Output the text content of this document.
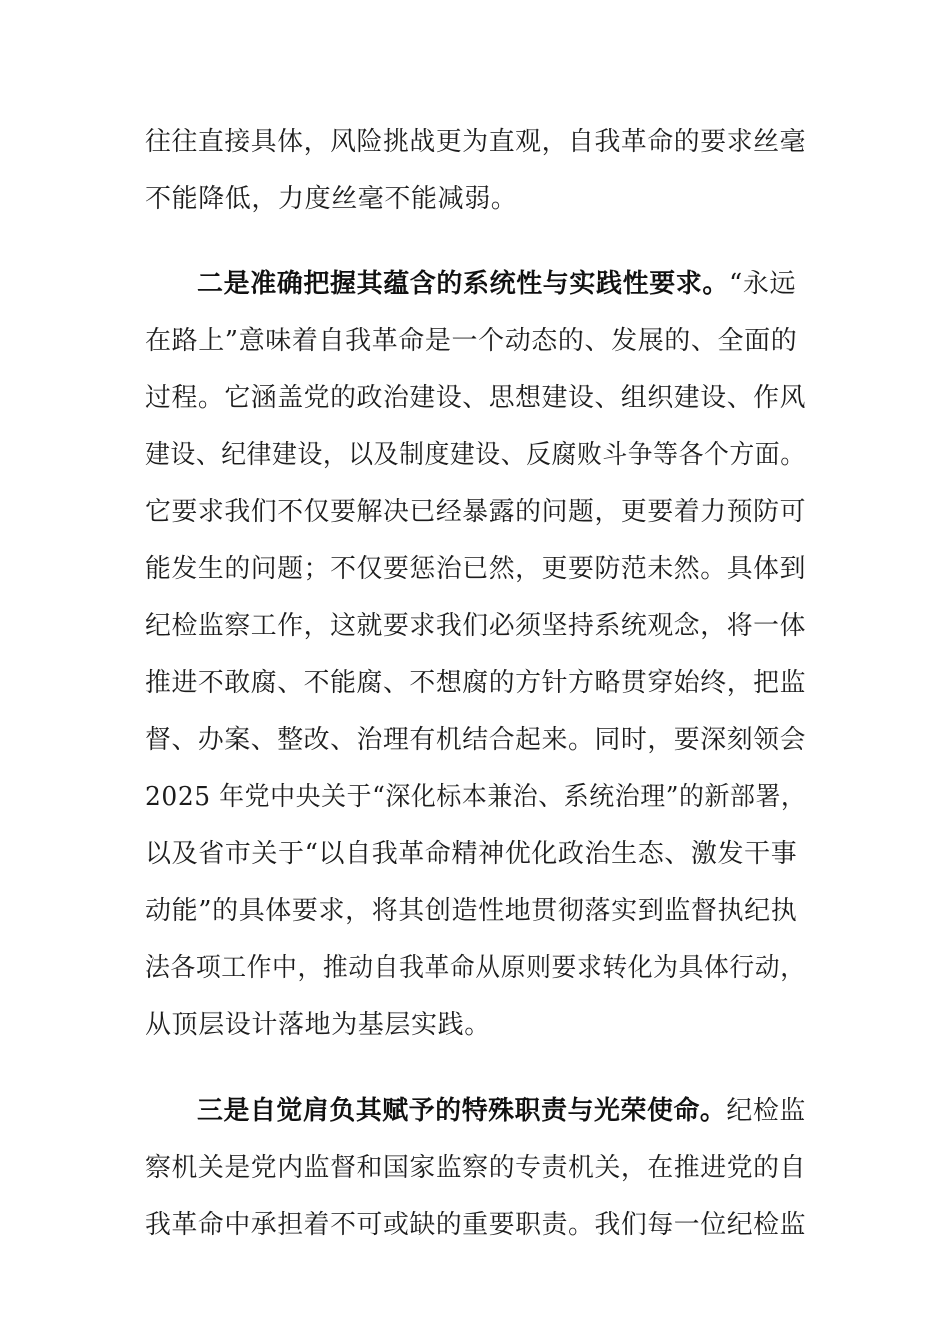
往往直接具体，风险挑战更为直观，自我革命的要求丝毫
不能降低，力度丝毫不能减弱。
二是准确把握其蕴含的系统性与实践性要求。“永远
在路上”意味着自我革命是一个动态的、发展的、全面的
过程。它涵盖党的政治建设、思想建设、组织建设、作风
建设、纪律建设，以及制度建设、反腐败斗争等各个方面。
它要求我们不仅要解决已经暴露的问题，更要着力预防可
能发生的问题；不仅要惩治已然，更要防范未然。具体到
纪检监察工作，这就要求我们必须坚持系统观念，将一体
推进不敢腐、不能腐、不想腐的方针方略贯穿始终，把监
督、办案、整改、治理有机结合起来。同时，要深刻领会
2025 年党中央关于“深化标本兼治、系统治理”的新部署，
以及省市关于“以自我革命精神优化政治生态、激发干事
动能”的具体要求，将其创造性地贯彻落实到监督执纪执
法各项工作中，推动自我革命从原则要求转化为具体行动，
从顶层设计落地为基层实践。
三是自觉肩负其赋予的特殊职责与光荣使命。纪检监
察机关是党内监督和国家监察的专责机关，在推进党的自
我革命中承担着不可或缺的重要职责。我们每一位纪检监
